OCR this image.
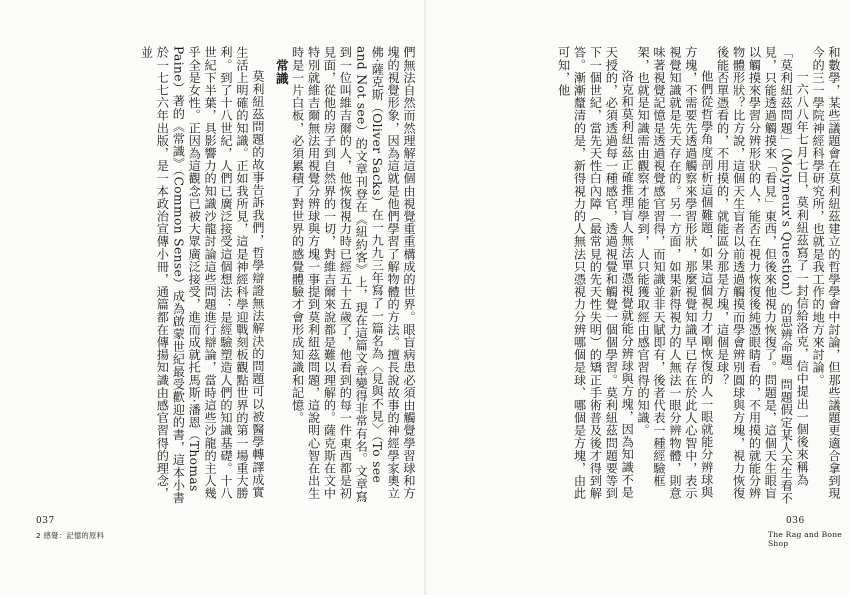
們無法自然而然理解這個由視覺重重構成的世界。眼盲病患必須由觸覺學習球和方塊的視覺形象，因為這就是他們學習了解物體的方法。擅長說故事的神經學家奧立佛‧薩克斯（Oliver Sacks）在一九九三年寫了一篇名為〈見與不見〉（To see and Not see）的文章刊登在《紐約客》上，現在這篇文章變得非常有名。文章寫到一位叫維吉爾的人，他恢復視力時已經五十五歲了，他看到的每一件東西都是初見面，從他的房子到自然界的一切，對維吉爾來說都是難以理解的。薩克斯在文中特別就維吉爾無法用視覺分辨球與方塊一事提到莫利紐茲問題，這說明心智在出生時是一片白板，必須累積了對世界的感覺體驗才會形成知識和記憶。

常識

莫利紐茲問題的故事告訴我們，哲學辯證無法解決的問題可以被醫學轉譯成實生活上明確的知識。正如我所見，這是神經科學迎戰刻板觀點世界的第一場重大勝利。到了十八世紀，人們已廣泛接受這個想法：是經驗塑造人們的知識基礎。十八世紀下半葉，具影響力的知識沙龍討論這些問題進行辯論，當時這些沙龍的主人幾乎全是女性。正因為這觀念已被大眾廣泛接受，進而成就托馬斯‧潘恩（Thomas Paine）著的《常識》（Common Sense）成為啟蒙世紀最受歡迎的書，這本小書於一七七六年出版，是一本政治宣傳小冊，通篇都在傳揚知識由感官習得的理念，並

037
2 感覺：記憶的原料

和數學，某些議題會在莫利紐茲建立的哲學學會中討論，但那些議題更適合拿到現今的三一學院神經科學研究所，也就是我工作的地方來討論。

一六八八年七月七日，莫利紐茲寫了一封信給洛克，信中提出一個後來稱為「莫利紐茲問題」（Molyneux's Question）的思辨命題。問題假定某人天生看不見，只能透過觸摸來「看見」東西，但後來他視力恢復了。問題是，這個天生眼盲以觸摸來學習分辨形狀的人，能否在視力恢復後純憑眼睛看的，不用摸的就能分辨物體形狀？比方說，這個天生盲者以前透過觸摸而學會辨別圓球與方塊，視力恢復後能否單憑看的，不用摸的，就能區分那是方塊，這個是球？

他們從哲學角度剖析這個難題，如果這個視力才剛恢復的人一眼就能分辨球與方塊，不需要先透過觸察來學習形狀，那麼視覺知識早已存在於此人心智中，表示視覺知識就是先天存在的。另一方面，如果新得視力的人無法一眼分辨物體，則意味著視覺記憶是透過視覺感官習得，而知識並非天賦即有，後者代表一種經驗框架，也就是知識需由觀察才能學到，人只能獲取經由感官習得的知識。

洛克和莫利紐茲正確推理盲人無法單憑視覺就能分辨球與方塊，因為知識不是天授的，必須透過每一種感官，透過視覺和觸覺一個個學習。莫利紐茲問題要等到下一個世紀，當先天性白內障（最常見的先天性失明）的矯正手術普及後才得到解答。漸漸釐清的是，新得視力的人無法只憑視力分辨哪個是球、哪個是方塊，由此可知，他

036
The Rag and Bone Shop
